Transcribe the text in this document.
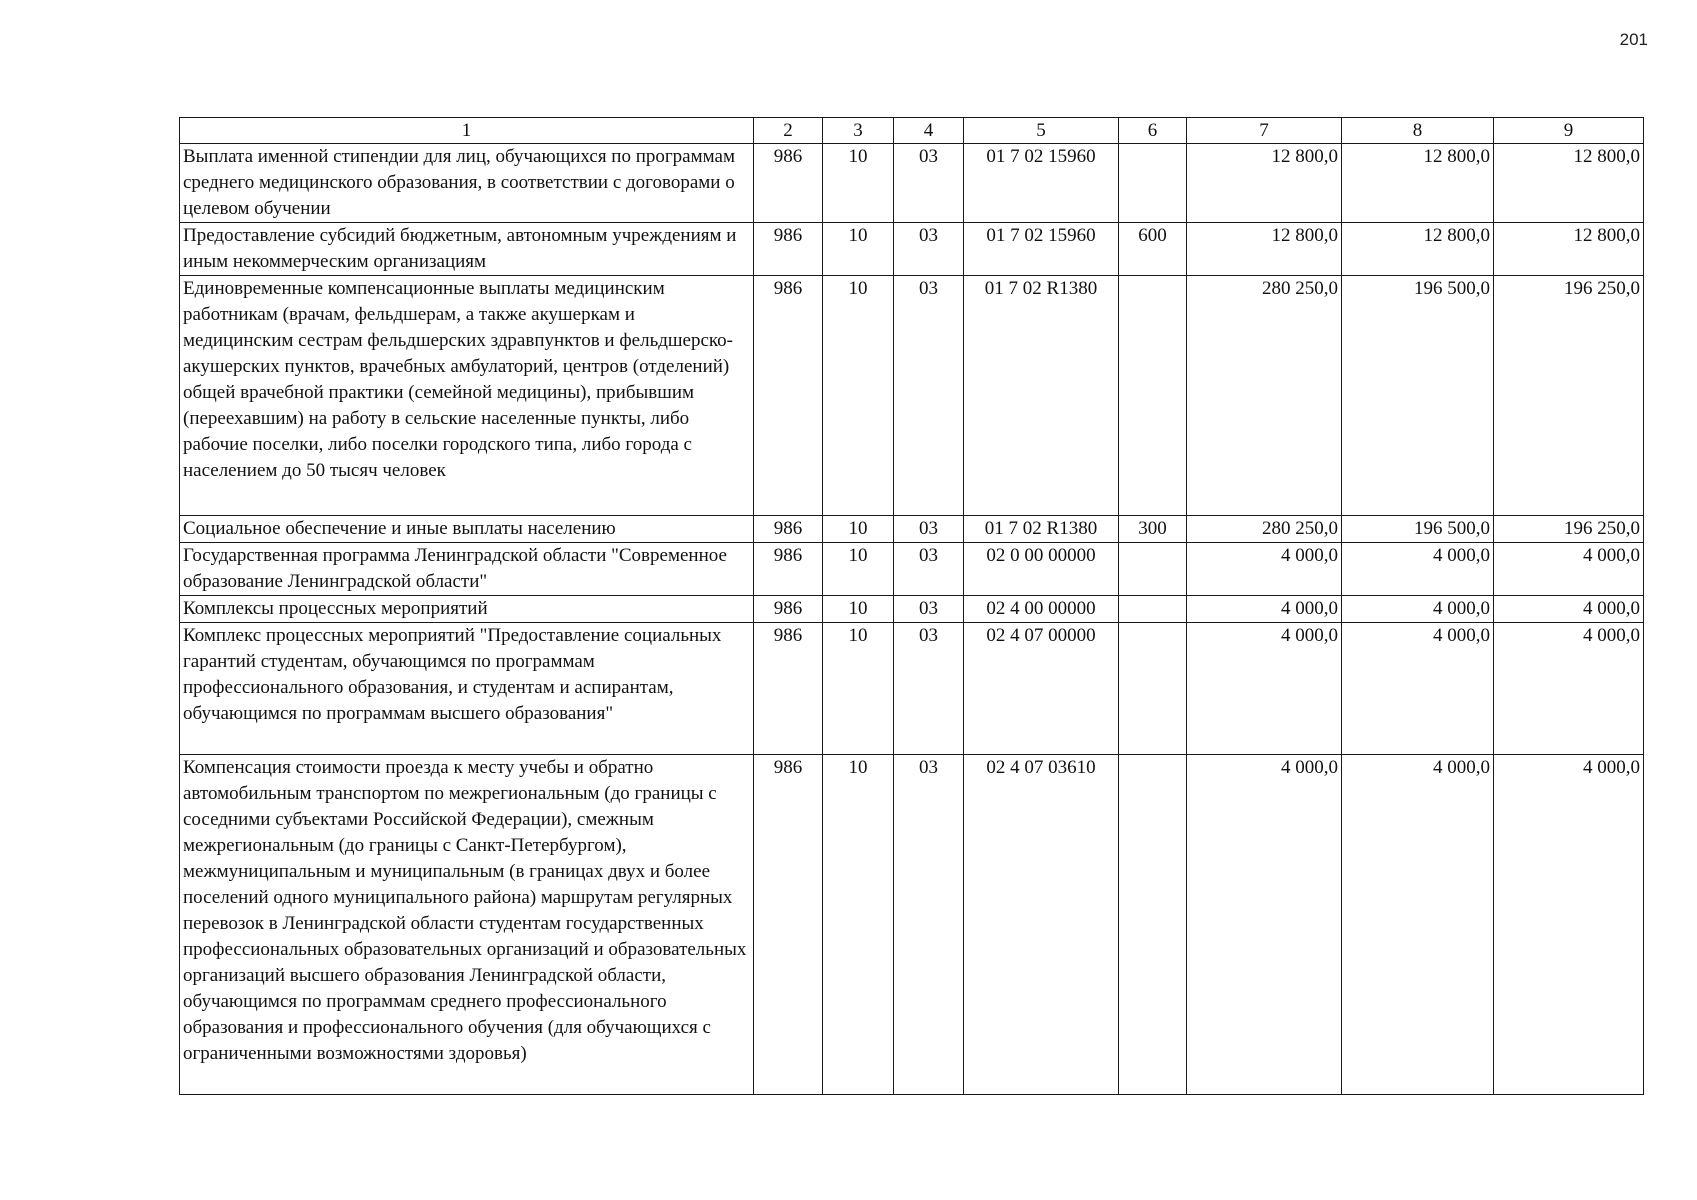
201
1	2	3	4	5	6	7	8	9
Выплата именной стипендии для лиц, обучающихся по программам среднего медицинского образования, в соответствии с договорами о целевом обучении	986	10	03	01 7 02 15960		12 800,0	12 800,0	12 800,0
Предоставление субсидий бюджетным, автономным учреждениям и иным некоммерческим организациям	986	10	03	01 7 02 15960	600	12 800,0	12 800,0	12 800,0
Единовременные компенсационные выплаты медицинским работникам (врачам, фельдшерам, а также акушеркам и медицинским сестрам фельдшерских здравпунктов и фельдшерско-акушерских пунктов, врачебных амбулаторий, центров (отделений) общей врачебной практики (семейной медицины), прибывшим (переехавшим) на работу в сельские населенные пункты, либо рабочие поселки, либо поселки городского типа, либо города с населением до 50 тысяч человек	986	10	03	01 7 02 R1380		280 250,0	196 500,0	196 250,0
Социальное обеспечение и иные выплаты населению	986	10	03	01 7 02 R1380	300	280 250,0	196 500,0	196 250,0
Государственная программа Ленинградской области "Современное образование Ленинградской области"	986	10	03	02 0 00 00000		4 000,0	4 000,0	4 000,0
Комплексы процессных мероприятий	986	10	03	02 4 00 00000		4 000,0	4 000,0	4 000,0
Комплекс процессных мероприятий "Предоставление социальных гарантий студентам, обучающимся по программам профессионального образования, и студентам и аспирантам, обучающимся по программам высшего образования"	986	10	03	02 4 07 00000		4 000,0	4 000,0	4 000,0
Компенсация стоимости проезда к месту учебы и обратно автомобильным транспортом по межрегиональным (до границы с соседними субъектами Российской Федерации), смежным межрегиональным (до границы с Санкт-Петербургом), межмуниципальным и муниципальным (в границах двух и более поселений одного муниципального района) маршрутам регулярных перевозок в Ленинградской области студентам государственных профессиональных образовательных организаций и образовательных организаций высшего образования Ленинградской области, обучающимся по программам среднего профессионального образования и профессионального обучения (для обучающихся с ограниченными возможностями здоровья)	986	10	03	02 4 07 03610		4 000,0	4 000,0	4 000,0
